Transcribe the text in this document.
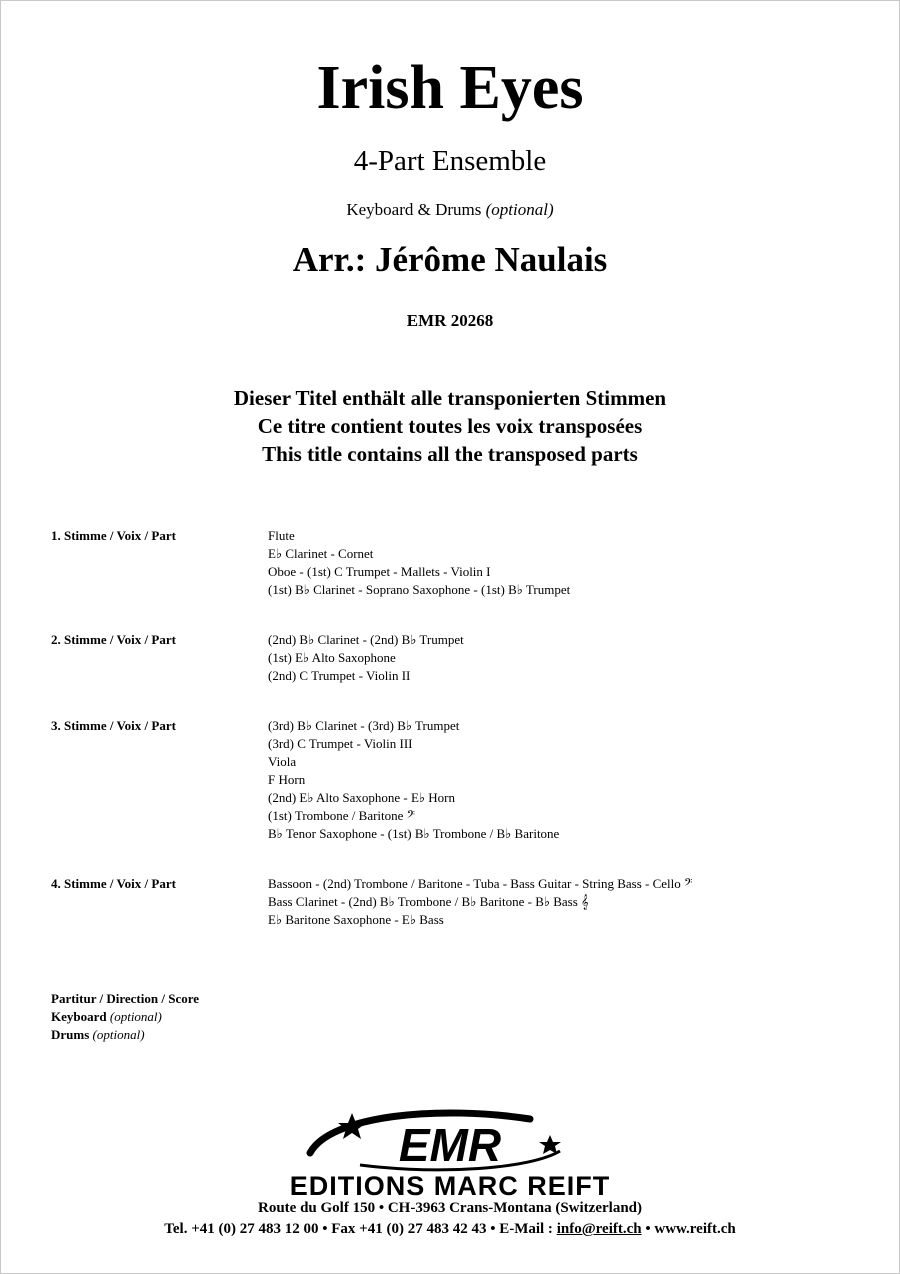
Irish Eyes
4-Part Ensemble
Keyboard & Drums (optional)
Arr.: Jérôme Naulais
EMR 20268
Dieser Titel enthält alle transponierten Stimmen
Ce titre contient toutes les voix transposées
This title contains all the transposed parts
1. Stimme / Voix / Part	Flute
E♭ Clarinet - Cornet
Oboe - (1st) C Trumpet - Mallets - Violin I
(1st) B♭ Clarinet - Soprano Saxophone - (1st) B♭ Trumpet
2. Stimme / Voix / Part	(2nd) B♭ Clarinet - (2nd) B♭ Trumpet
(1st) E♭ Alto Saxophone
(2nd) C Trumpet - Violin II
3. Stimme / Voix / Part	(3rd) B♭ Clarinet - (3rd) B♭ Trumpet
(3rd) C Trumpet - Violin III
Viola
F Horn
(2nd) E♭ Alto Saxophone - E♭ Horn
(1st) Trombone / Baritone 𝄢
B♭ Tenor Saxophone - (1st) B♭ Trombone / B♭ Baritone
4. Stimme / Voix / Part	Bassoon - (2nd) Trombone / Baritone - Tuba - Bass Guitar - String Bass - Cello 𝄢
Bass Clarinet - (2nd) B♭ Trombone / B♭ Baritone - B♭ Bass 𝄞
E♭ Baritone Saxophone - E♭ Bass
Partitur / Direction / Score
Keyboard (optional)
Drums (optional)
EMR
EDITIONS MARC REIFT
Route du Golf 150 • CH-3963 Crans-Montana (Switzerland)
Tel. +41 (0) 27 483 12 00 • Fax +41 (0) 27 483 42 43 • E-Mail : info@reift.ch • www.reift.ch
